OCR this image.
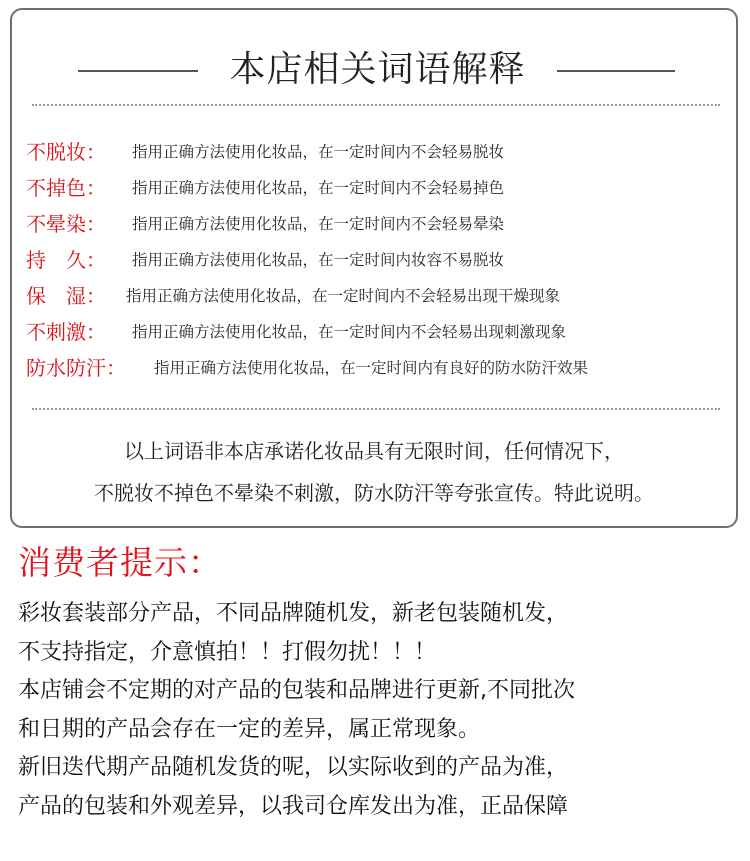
本店相关词语解释
不脱妆： 指用正确方法使用化妆品，在一定时间内不会轻易脱妆
不掉色： 指用正确方法使用化妆品，在一定时间内不会轻易掉色
不晕染： 指用正确方法使用化妆品，在一定时间内不会轻易晕染
持　久： 指用正确方法使用化妆品，在一定时间内妆容不易脱妆
保　湿： 指用正确方法使用化妆品，在一定时间内不会轻易出现干燥现象
不刺激： 指用正确方法使用化妆品，在一定时间内不会轻易出现刺激现象
防水防汗： 指用正确方法使用化妆品，在一定时间内有良好的防水防汗效果
以上词语非本店承诺化妆品具有无限时间，任何情况下，
不脱妆不掉色不晕染不刺激，防水防汗等夸张宣传。特此说明。
消费者提示：
彩妆套装部分产品，不同品牌随机发，新老包装随机发，
不支持指定，介意慎拍！！打假勿扰！！！
本店铺会不定期的对产品的包装和品牌进行更新,不同批次
和日期的产品会存在一定的差异，属正常现象。
新旧迭代期产品随机发货的呢，以实际收到的产品为准，
产品的包装和外观差异，以我司仓库发出为准，正品保障
